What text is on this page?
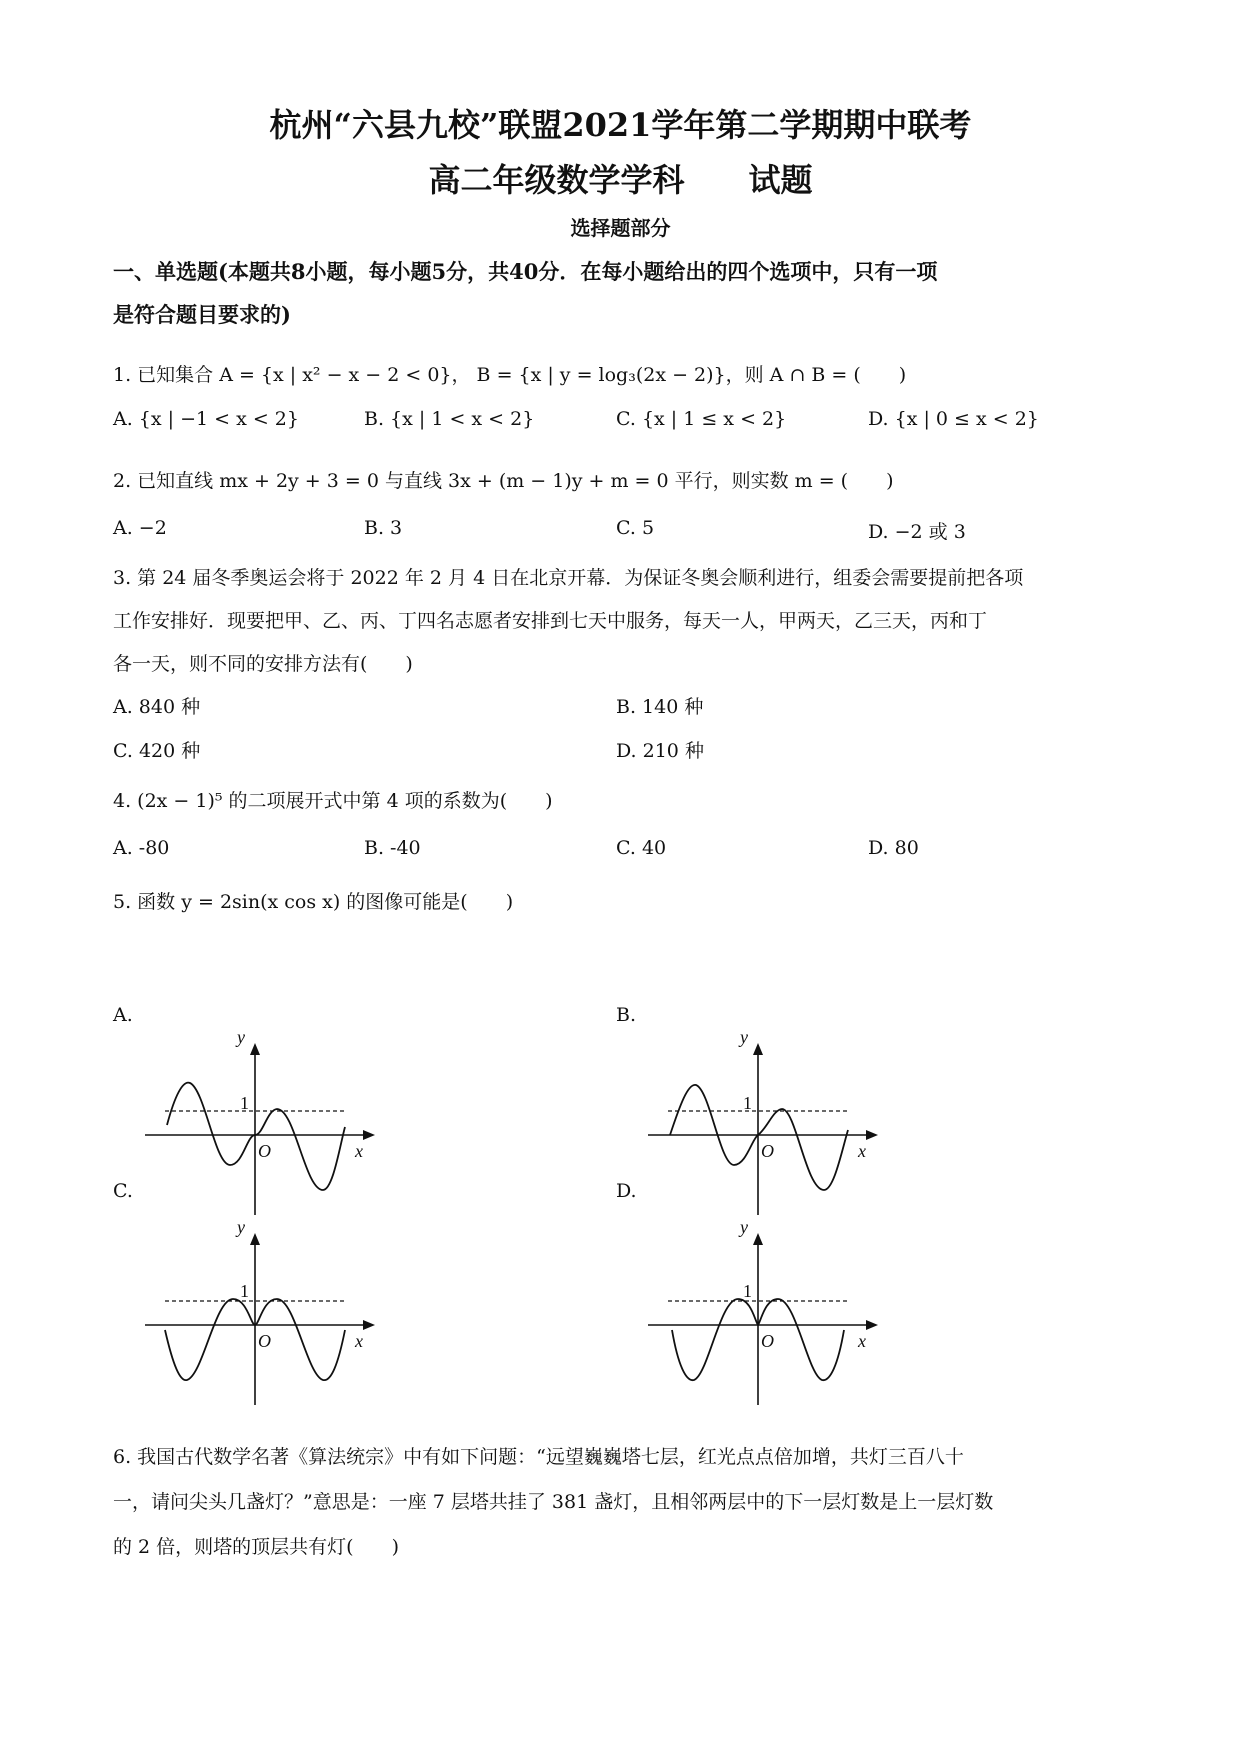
杭州“六县九校”联盟2021学年第二学期期中联考
高二年级数学学科　　试题
选择题部分
一、单选题(本题共8小题，每小题5分，共40分．在每小题给出的四个选项中，只有一项
是符合题目要求的)
1. 已知集合 A = {x | x² − x − 2 < 0}， B = {x | y = log₃(2x − 2)}，则 A ∩ B = (　　)
A. {x | −1 < x < 2}	B. {x | 1 < x < 2}	C. {x | 1 ≤ x < 2}	D. {x | 0 ≤ x < 2}
2. 已知直线 mx + 2y + 3 = 0 与直线 3x + (m − 1)y + m = 0 平行，则实数 m = (　　)
A. −2	B. 3	C. 5	D. −2 或 3
3. 第 24 届冬季奥运会将于 2022 年 2 月 4 日在北京开幕．为保证冬奥会顺利进行，组委会需要提前把各项
工作安排好．现要把甲、乙、丙、丁四名志愿者安排到七天中服务，每天一人，甲两天，乙三天，丙和丁
各一天，则不同的安排方法有(　　)
A. 840 种	B. 140 种
C. 420 种	D. 210 种
4. (2x − 1)⁵ 的二项展开式中第 4 项的系数为(　　)
A. -80	B. -40	C. 40	D. 80
5. 函数 y = 2sin(x cos x) 的图像可能是(　　)
A.	B.
C.	D.
y
1
O	x
y
1
O	x
y
1
O	x
y
1
O	x
6. 我国古代数学名著《算法统宗》中有如下问题：“远望巍巍塔七层，红光点点倍加增，共灯三百八十
一，请问尖头几盏灯？”意思是：一座 7 层塔共挂了 381 盏灯，且相邻两层中的下一层灯数是上一层灯数
的 2 倍，则塔的顶层共有灯(　　)
